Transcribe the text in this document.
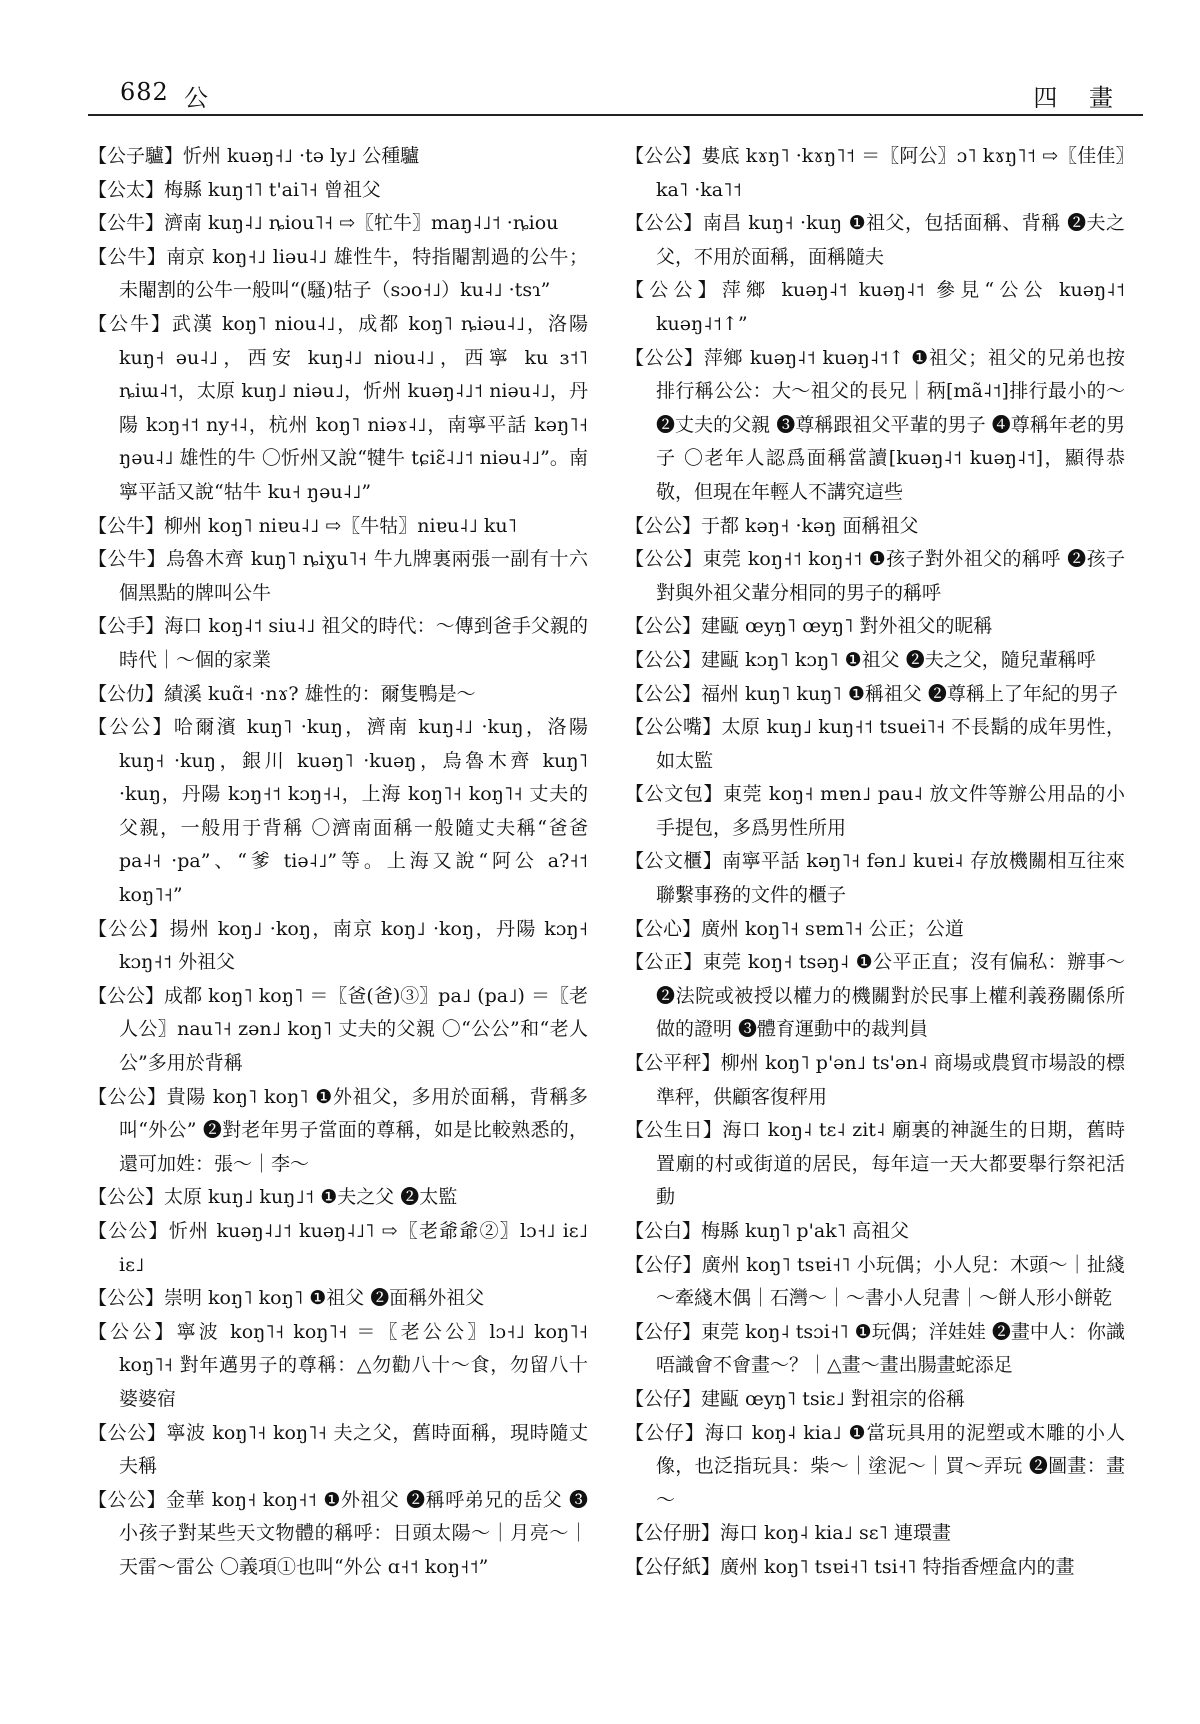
682 公	四 畫
【公子驢】忻州 kuəŋ˧˩ ·tə ly˩ 公種驢
【公太】梅縣 kuŋ˦˥ t'ai˥˧ 曾祖父
【公牛】濟南 kuŋ˨˩ ȵiou˥˧ ⇨〖牤牛〗maŋ˨˩˦ ·ȵiou
【公牛】南京 koŋ˧˩ liəu˨˩ 雄性牛，特指閹割過的公牛；未閹割的公牛一般叫“(騷)牯子（sɔo˧˩）ku˨˩ ·tsɿ”
【公牛】武漢 koŋ˥ niou˨˩，成都 koŋ˥ ȵiəu˨˩，洛陽 kuŋ˧ əu˨˩，西安 kuŋ˨˩ niou˨˩，西寧 ku ɜ˦˥ ȵiɯ˨˦，太原 kuŋ˩ niəu˩，忻州 kuəŋ˨˩˦ niəu˨˩，丹陽 kɔŋ˧˦ ny˧˨，杭州 koŋ˥ niəɤ˨˩，南寧平話 kəŋ˥˧ ŋəu˨˩ 雄性的牛 〇忻州又說“犍牛 tɕiɛ̃˨˩˦ niəu˨˩”。南寧平話又說“牯牛 ku˧ ŋəu˨˩”
【公牛】柳州 koŋ˥ niɐu˨˩ ⇨〖牛牯〗niɐu˨˩ ku˥
【公牛】烏魯木齊 kuŋ˥ ȵiɣu˥˧ 牛九牌裏兩張一副有十六個黑點的牌叫公牛
【公手】海口 koŋ˨˦ siu˨˩ 祖父的時代：～傳到爸手父親的時代｜～個的家業
【公仂】績溪 kuɑ̃˧ ·nɤ? 雄性的：爾隻鴨是～
【公公】哈爾濱 kuŋ˥ ·kuŋ，濟南 kuŋ˨˩ ·kuŋ，洛陽 kuŋ˧ ·kuŋ，銀川 kuəŋ˥ ·kuəŋ，烏魯木齊 kuŋ˥ ·kuŋ，丹陽 kɔŋ˧˦ kɔŋ˧˨，上海 koŋ˥˧ koŋ˥˧ 丈夫的父親，一般用于背稱 〇濟南面稱一般隨丈夫稱“爸爸 pa˨˧ ·pa”、“爹 tiə˨˩”等。上海又說“阿公 a?˧˦ koŋ˥˧”
【公公】揚州 koŋ˩ ·koŋ，南京 koŋ˩ ·koŋ，丹陽 kɔŋ˧ kɔŋ˧˦ 外祖父
【公公】成都 koŋ˥ koŋ˥ ＝〖爸(爸)③〗pa˩ (pa˩) ＝〖老人公〗nau˥˧ zən˩ koŋ˥ 丈夫的父親 〇“公公”和“老人公”多用於背稱
【公公】貴陽 koŋ˥ koŋ˥ ❶外祖父，多用於面稱，背稱多叫“外公” ❷對老年男子當面的尊稱，如是比較熟悉的，還可加姓：張～｜李～
【公公】太原 kuŋ˩ kuŋ˩˦ ❶夫之父 ❷太監
【公公】忻州 kuəŋ˨˩˦ kuəŋ˨˩˥ ⇨〖老爺爺②〗lɔ˧˩ iɛ˩ iɛ˩
【公公】崇明 koŋ˥ koŋ˥ ❶祖父 ❷面稱外祖父
【公公】寧波 koŋ˥˧ koŋ˥˧ ＝〖老公公〗lɔ˧˩ koŋ˥˧ koŋ˥˧ 對年邁男子的尊稱：△勿勸八十～食，勿留八十婆婆宿
【公公】寧波 koŋ˥˧ koŋ˥˧ 夫之父，舊時面稱，現時隨丈夫稱
【公公】金華 koŋ˧ koŋ˧˦ ❶外祖父 ❷稱呼弟兄的岳父 ❸小孩子對某些天文物體的稱呼：日頭太陽～｜月亮～｜天雷～雷公 〇義項①也叫“外公 ɑ˧˦ koŋ˧˦”
【公公】婁底 kɤŋ˥ ·kɤŋ˥˦ ＝〖阿公〗ɔ˥ kɤŋ˥˦ ⇨〖佳佳〗ka˥ ·ka˥˦
【公公】南昌 kuŋ˧ ·kuŋ ❶祖父，包括面稱、背稱 ❷夫之父，不用於面稱，面稱隨夫
【公公】萍鄉 kuəŋ˨˦ kuəŋ˨˦ 參見“公公 kuəŋ˨˦ kuəŋ˨˦↑”
【公公】萍鄉 kuəŋ˨˦ kuəŋ˨˦↑ ❶祖父；祖父的兄弟也按排行稱公公：大～祖父的長兄｜䄼[mã˨˦]排行最小的～ ❷丈夫的父親 ❸尊稱跟祖父平輩的男子 ❹尊稱年老的男子 〇老年人認爲面稱當讀[kuəŋ˨˦ kuəŋ˨˦]，顯得恭敬，但現在年輕人不講究這些
【公公】于都 kəŋ˧ ·kəŋ 面稱祖父
【公公】東莞 koŋ˧˦ koŋ˧˦ ❶孩子對外祖父的稱呼 ❷孩子對與外祖父輩分相同的男子的稱呼
【公公】建甌 œyŋ˥ œyŋ˥ 對外祖父的昵稱
【公公】建甌 kɔŋ˥ kɔŋ˥ ❶祖父 ❷夫之父，隨兒輩稱呼
【公公】福州 kuŋ˥ kuŋ˥ ❶稱祖父 ❷尊稱上了年紀的男子
【公公嘴】太原 kuŋ˩ kuŋ˧˦ tsuei˥˧ 不長鬍的成年男性，如太監
【公文包】東莞 koŋ˧ mɐn˩ pau˨ 放文件等辦公用品的小手提包，多爲男性所用
【公文櫃】南寧平話 kəŋ˥˧ fən˩ kuɐi˨ 存放機關相互往來聯繫事務的文件的櫃子
【公心】廣州 koŋ˥˧ sɐm˥˧ 公正；公道
【公正】東莞 koŋ˧ tsəŋ˨ ❶公平正直；沒有偏私：辦事～ ❷法院或被授以權力的機關對於民事上權利義務關係所做的證明 ❸體育運動中的裁判員
【公平秤】柳州 koŋ˥ p'ən˩ ts'ən˨ 商場或農貿市場設的標準秤，供顧客復秤用
【公生日】海口 koŋ˨ tɛ˨ zit˨ 廟裏的神誕生的日期，舊時置廟的村或街道的居民，每年這一天大都要舉行祭祀活動
【公白】梅縣 kuŋ˥ p'ak˥ 高祖父
【公仔】廣州 koŋ˥ tsɐi˧˥ 小玩偶；小人兒：木頭～｜扯綫～牽綫木偶｜石灣～｜～書小人兒書｜～餅人形小餅乾
【公仔】東莞 koŋ˨ tsɔi˧˥ ❶玩偶；洋娃娃 ❷畫中人：你識唔識會不會畫～？｜△畫～畫出腸畫蛇添足
【公仔】建甌 œyŋ˥ tsiɛ˩ 對祖宗的俗稱
【公仔】海口 koŋ˨ kia˩ ❶當玩具用的泥塑或木雕的小人像，也泛指玩具：柴～｜塗泥～｜買～弄玩 ❷圖畫：畫～
【公仔册】海口 koŋ˨ kia˩ sɛ˥ 連環畫
【公仔紙】廣州 koŋ˥ tsɐi˧˥ tsi˧˥ 特指香煙盒内的畫
